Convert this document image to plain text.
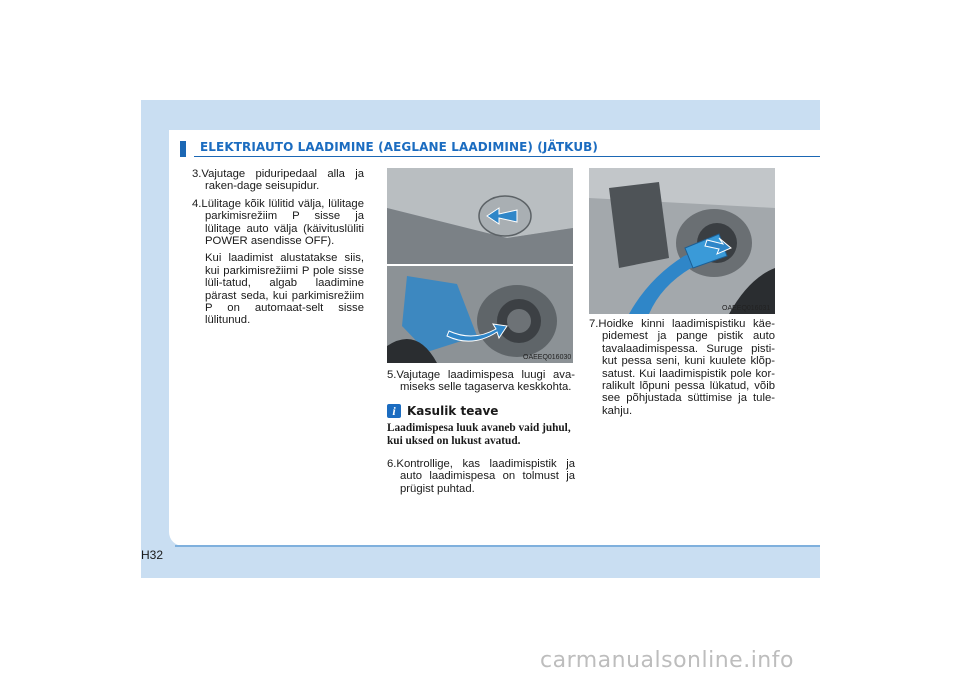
ELEKTRIAUTO LAADIMINE (AEGLANE LAADIMINE) (JÄTKUB)

3.Vajutage piduripedaal alla ja raken-dage seisupidur.

4.Lülitage kõik lülitid välja, lülitage parkimisrežiim P sisse ja lülitage auto välja (käivituslüliti POWER asendisse OFF).

Kui laadimist alustatakse siis, kui parkimisrežiimi P pole sisse lüli-tatud, algab laadimine pärast seda, kui parkimisrežiim P on automaat-selt sisse lülitunud.

OAEEQ016030

5.Vajutage laadimispesa luugi ava-miseks selle tagaserva keskkohta.

i Kasulik teave

Laadimispesa luuk avaneb vaid juhul, kui uksed on lukust avatud.

6.Kontrollige, kas laadimispistik ja auto laadimispesa on tolmust ja prügist puhtad.

OAEEQ016031

7.Hoidke kinni laadimispistiku käe-pidemest ja pange pistik auto tavalaadimispessa. Suruge pisti-kut pessa seni, kuni kuulete klõp-satust. Kui laadimispistik pole kor-ralikult lõpuni pessa lükatud, võib see põhjustada süttimise ja tule-kahju.

H32
carmanualsonline.info
